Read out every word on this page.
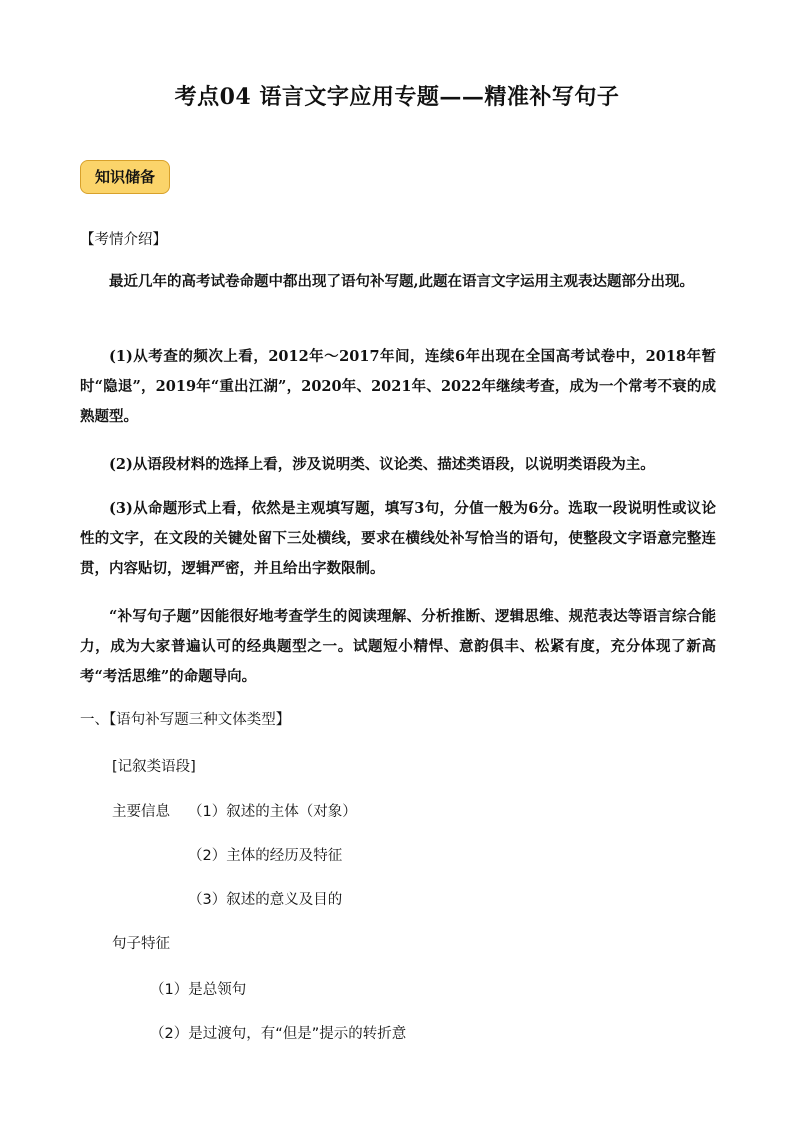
考点04 语言文字应用专题——精准补写句子
知识储备

【考情介绍】

最近几年的高考试卷命题中都出现了语句补写题,此题在语言文字运用主观表达题部分出现。

(1)从考查的频次上看，2012年～2017年间，连续6年出现在全国高考试卷中，2018年暂时“隐退”，2019年“重出江湖”，2020年、2021年、2022年继续考查，成为一个常考不衰的成熟题型。

(2)从语段材料的选择上看，涉及说明类、议论类、描述类语段，以说明类语段为主。

(3)从命题形式上看，依然是主观填写题，填写3句，分值一般为6分。选取一段说明性或议论性的文字，在文段的关键处留下三处横线，要求在横线处补写恰当的语句，使整段文字语意完整连贯，内容贴切，逻辑严密，并且给出字数限制。

“补写句子题”因能很好地考查学生的阅读理解、分析推断、逻辑思维、规范表达等语言综合能力，成为大家普遍认可的经典题型之一。试题短小精悍、意韵俱丰、松紧有度，充分体现了新高考“考活思维”的命题导向。

一、【语句补写题三种文体类型】

[记叙类语段]

主要信息 （1）叙述的主体（对象）

（2）主体的经历及特征

（3）叙述的意义及目的

句子特征

（1）是总领句

（2）是过渡句，有“但是”提示的转折意
